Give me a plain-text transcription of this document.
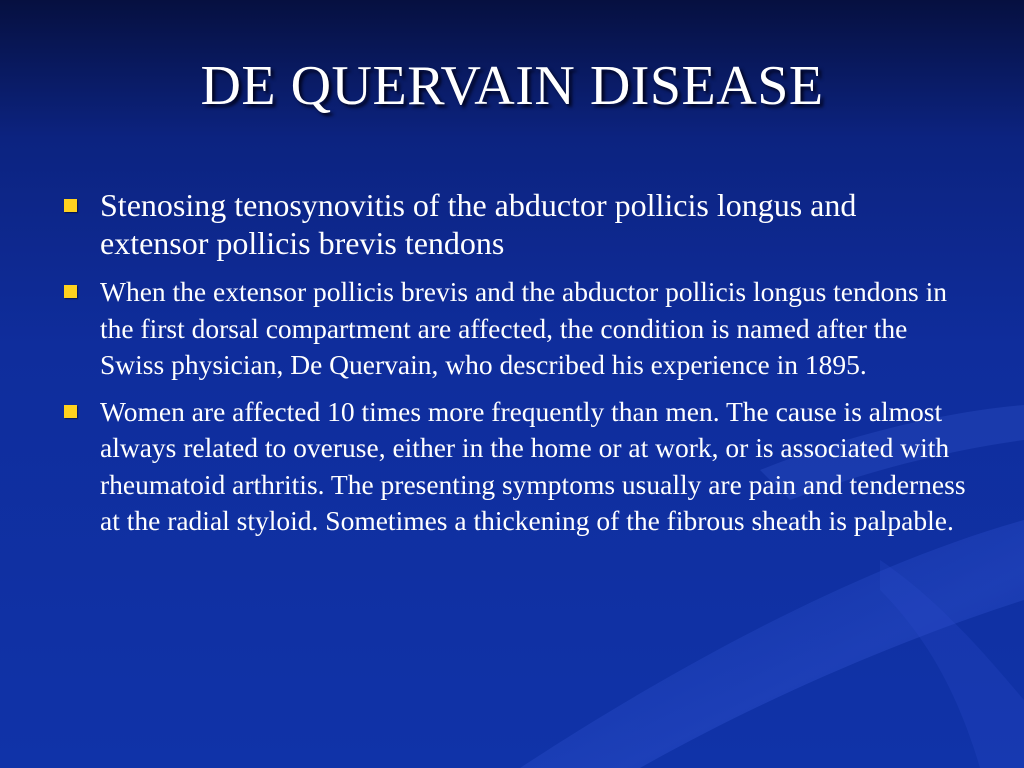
DE QUERVAIN DISEASE
Stenosing tenosynovitis of the abductor pollicis longus and extensor pollicis brevis tendons
When the extensor pollicis brevis and the abductor pollicis longus tendons in the first dorsal compartment are affected, the condition is named after the Swiss physician, De Quervain, who described his experience in 1895.
Women are affected 10 times more frequently than men. The cause is almost always related to overuse, either in the home or at work, or is associated with rheumatoid arthritis. The presenting symptoms usually are pain and tenderness at the radial styloid. Sometimes a thickening of the fibrous sheath is palpable.
